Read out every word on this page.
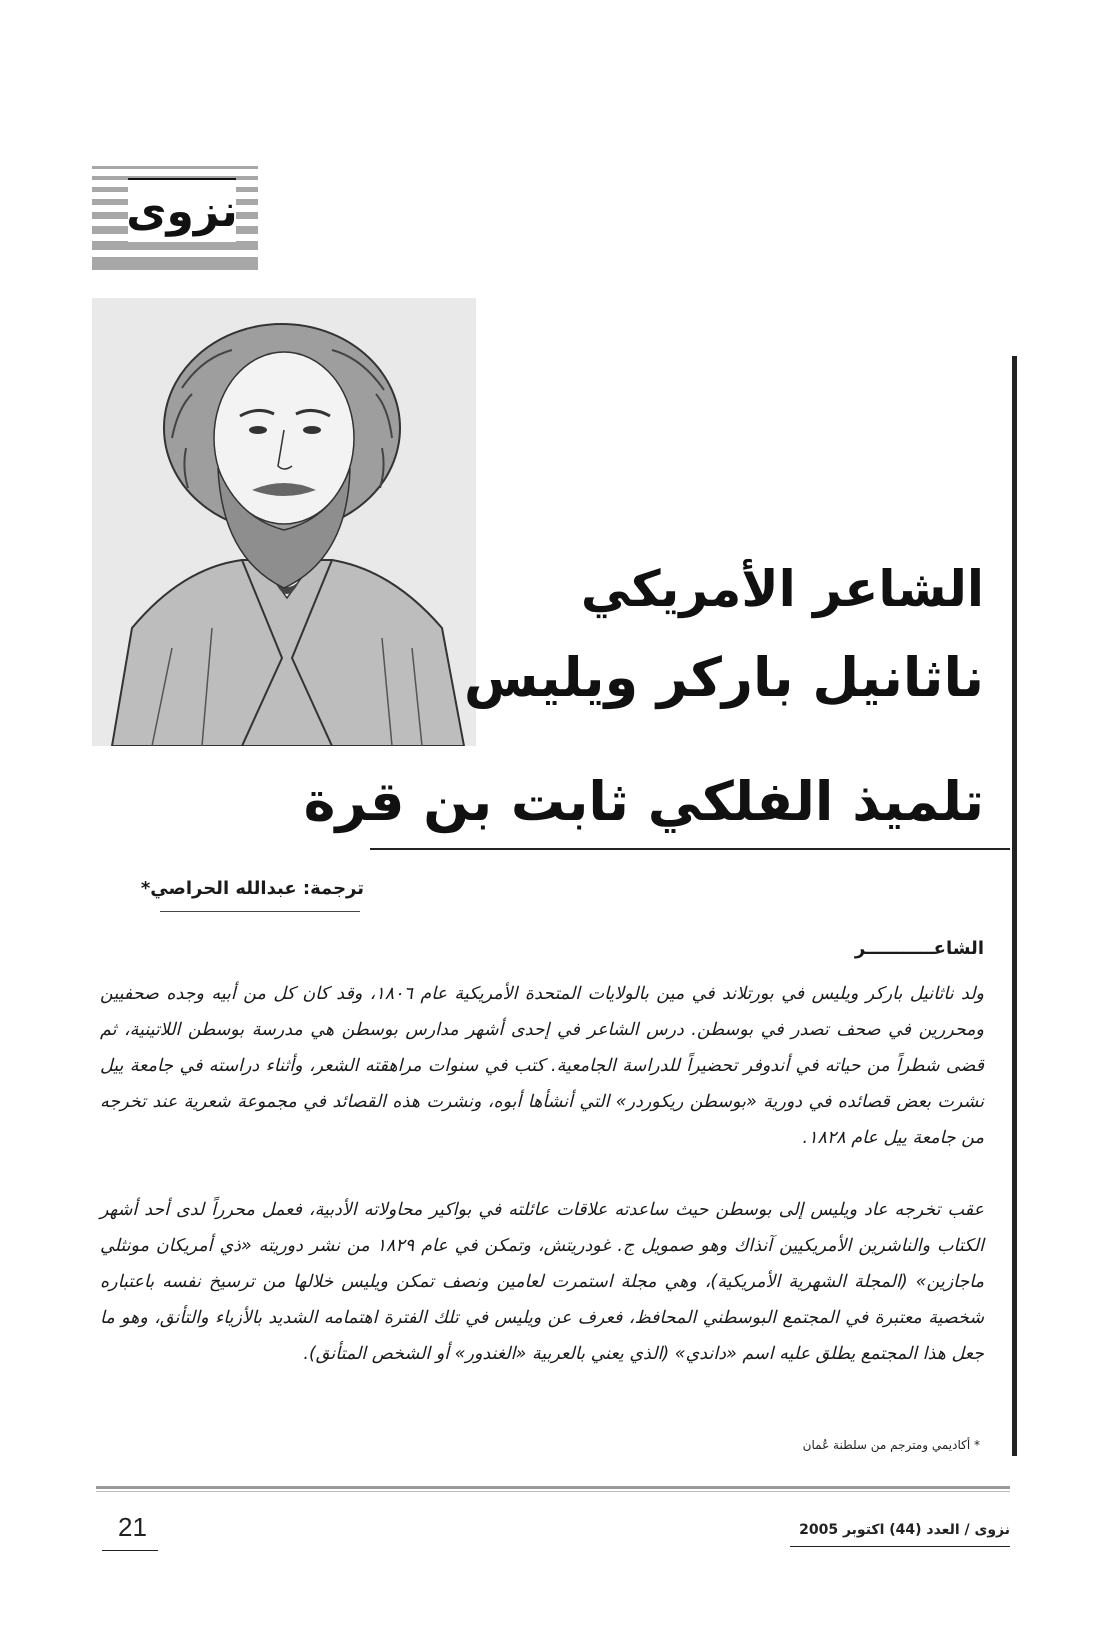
نزوى
الشاعر الأمريكي
ناثانيل باركر ويليس
تلميذ الفلكي ثابت بن قرة
ترجمة: عبدالله الحراصي*
الشاعـــــــــــر

ولد ناثانيل باركر ويليس في بورتلاند في مين بالولايات المتحدة الأمريكية عام ١٨٠٦، وقد كان كل من أبيه وجده صحفيين ومحررين في صحف تصدر في بوسطن. درس الشاعر في إحدى أشهر مدارس بوسطن هي مدرسة بوسطن اللاتينية، ثم قضى شطراً من حياته في أندوفر تحضيراً للدراسة الجامعية. كتب في سنوات مراهقته الشعر، وأثناء دراسته في جامعة ييل نشرت بعض قصائده في دورية «بوسطن ريكوردر» التي أنشأها أبوه، ونشرت هذه القصائد في مجموعة شعرية عند تخرجه من جامعة ييل عام ١٨٢٨.

عقب تخرجه عاد ويليس إلى بوسطن حيث ساعدته علاقات عائلته في بواكير محاولاته الأدبية، فعمل محرراً لدى أحد أشهر الكتاب والناشرين الأمريكيين آنذاك وهو صمويل ج. غودريتش، وتمكن في عام ١٨٢٩ من نشر دوريته «ذي أمريكان مونثلي ماجازين» (المجلة الشهرية الأمريكية)، وهي مجلة استمرت لعامين ونصف تمكن ويليس خلالها من ترسيخ نفسه باعتباره شخصية معتبرة في المجتمع البوسطني المحافظ، فعرف عن ويليس في تلك الفترة اهتمامه الشديد بالأزياء والتأنق، وهو ما جعل هذا المجتمع يطلق عليه اسم «داندي» (الذي يعني بالعربية «الغندور» أو الشخص المتأنق).

* أكاديمي ومترجم من سلطنة عُمان
21	نزوى / العدد (44) اكتوبر 2005
